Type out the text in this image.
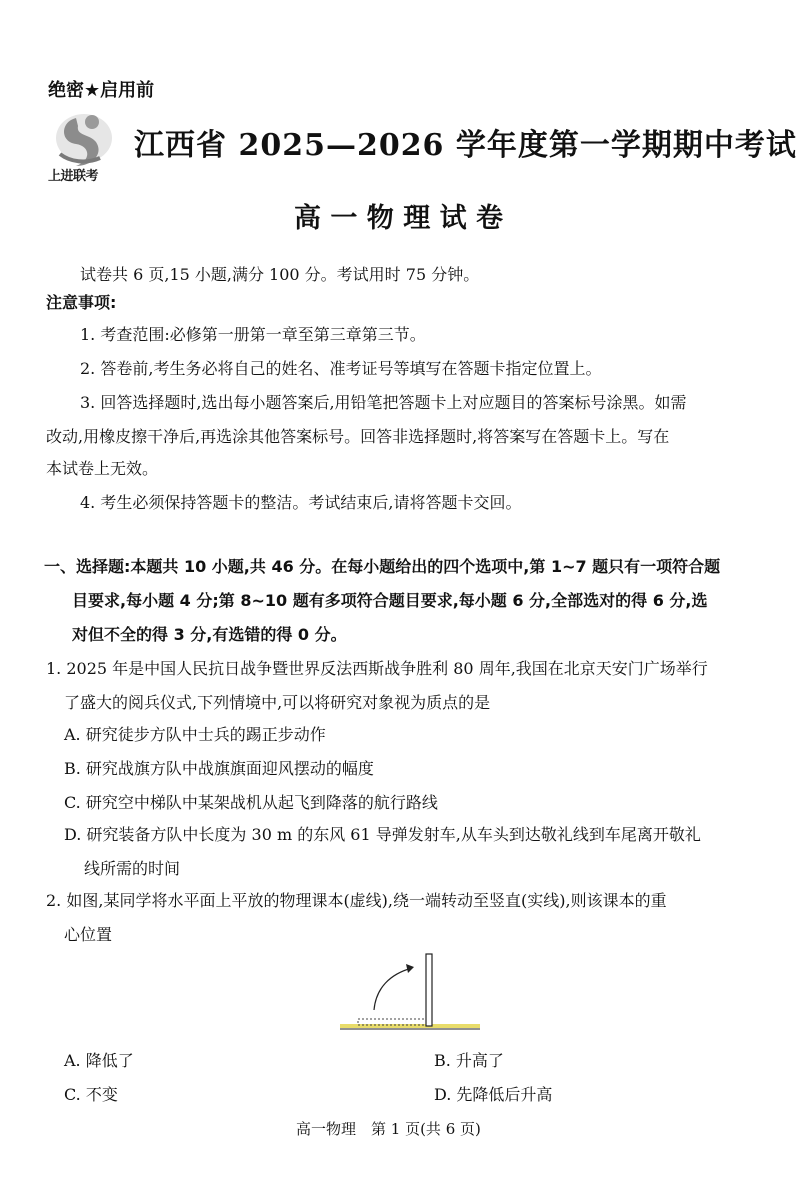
绝密★启用前
上进联考
江西省 2025—2026 学年度第一学期期中考试
高 一 物 理 试 卷
试卷共 6 页,15 小题,满分 100 分。考试用时 75 分钟。
注意事项:
1. 考查范围:必修第一册第一章至第三章第三节。
2. 答卷前,考生务必将自己的姓名、准考证号等填写在答题卡指定位置上。
3. 回答选择题时,选出每小题答案后,用铅笔把答题卡上对应题目的答案标号涂黑。如需
改动,用橡皮擦干净后,再选涂其他答案标号。回答非选择题时,将答案写在答题卡上。写在
本试卷上无效。
4. 考生必须保持答题卡的整洁。考试结束后,请将答题卡交回。
一、选择题:本题共 10 小题,共 46 分。在每小题给出的四个选项中,第 1~7 题只有一项符合题
目要求,每小题 4 分;第 8~10 题有多项符合题目要求,每小题 6 分,全部选对的得 6 分,选
对但不全的得 3 分,有选错的得 0 分。
1. 2025 年是中国人民抗日战争暨世界反法西斯战争胜利 80 周年,我国在北京天安门广场举行
了盛大的阅兵仪式,下列情境中,可以将研究对象视为质点的是
A. 研究徒步方队中士兵的踢正步动作
B. 研究战旗方队中战旗旗面迎风摆动的幅度
C. 研究空中梯队中某架战机从起飞到降落的航行路线
D. 研究装备方队中长度为 30 m 的东风 61 导弹发射车,从车头到达敬礼线到车尾离开敬礼
线所需的时间
2. 如图,某同学将水平面上平放的物理课本(虚线),绕一端转动至竖直(实线),则该课本的重
心位置
A. 降低了	B. 升高了
C. 不变	D. 先降低后升高
高一物理　第 1 页(共 6 页)
